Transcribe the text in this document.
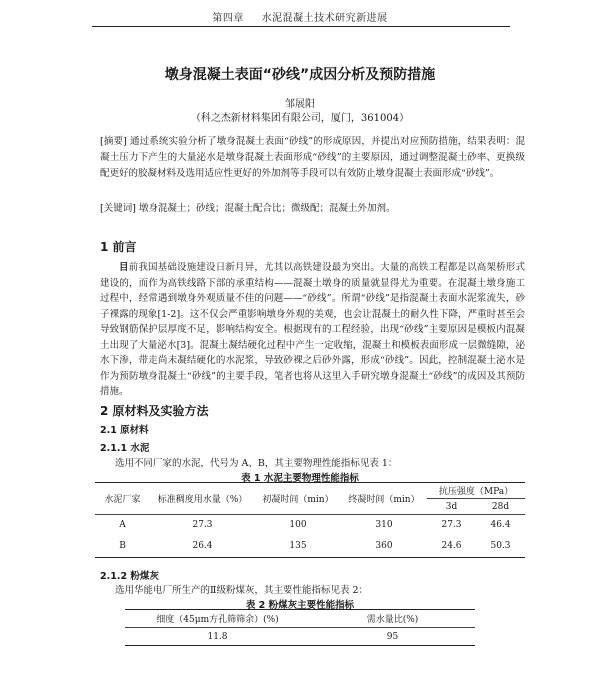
第四章 水泥混凝土技术研究新进展
墩身混凝土表面“砂线”成因分析及预防措施
邹展阳
（科之杰新材料集团有限公司，厦门，361004）
[摘要] 通过系统实验分析了墩身混凝土表面“砂线”的形成原因，并提出对应预防措施，结果表明：混凝土压力下产生的大量泌水是墩身混凝土表面形成“砂线”的主要原因，通过调整混凝土砂率、更换级配更好的胶凝材料及选用适应性更好的外加剂等手段可以有效防止墩身混凝土表面形成“砂线”。
[关键词] 墩身混凝土；砂线；混凝土配合比；微级配；混凝土外加剂。
1 前言
目前我国基础设施建设日新月异，尤其以高铁建设最为突出。大量的高铁工程都是以高架桥形式建设的，而作为高铁线路下部的承重结构——混凝土墩身的质量就显得尤为重要。在混凝土墩身施工过程中，经常遇到墩身外观质量不佳的问题——“砂线”。所谓“砂线”是指混凝土表面水泥浆流失，砂子裸露的现象[1-2]。这不仅会严重影响墩身外观的美观，也会让混凝土的耐久性下降，严重时甚至会导致钢筋保护层厚度不足，影响结构安全。根据现有的工程经验，出现“砂线”主要原因是模板内混凝土出现了大量泌水[3]。混凝土凝结硬化过程中产生一定收缩，混凝土和模板表面形成一层微缝隙，泌水下渗，带走尚未凝结硬化的水泥浆，导致砂裸之后砂外露，形成“砂线”。因此，控制混凝土泌水是作为预防墩身混凝土“砂线”的主要手段，笔者也将从这里入手研究墩身混凝土“砂线”的成因及其预防措施。
2 原材料及实验方法
2.1 原材料
2.1.1 水泥
选用不同厂家的水泥，代号为 A、B，其主要物理性能指标见表 1：
表 1 水泥主要物理性能指标
水泥厂家	标准稠度用水量（%）	初凝时间（min）	终凝时间（min）	抗压强度（MPa）	
				3d	28d
A	27.3	100	310	27.3	46.4
B	26.4	135	360	24.6	50.3
2.1.2 粉煤灰
选用华能电厂所生产的Ⅱ级粉煤灰，其主要性能指标见表 2：
表 2 粉煤灰主要性能指标
细度（45μm方孔筛筛余）(%)	需水量比(%)
11.8	95
